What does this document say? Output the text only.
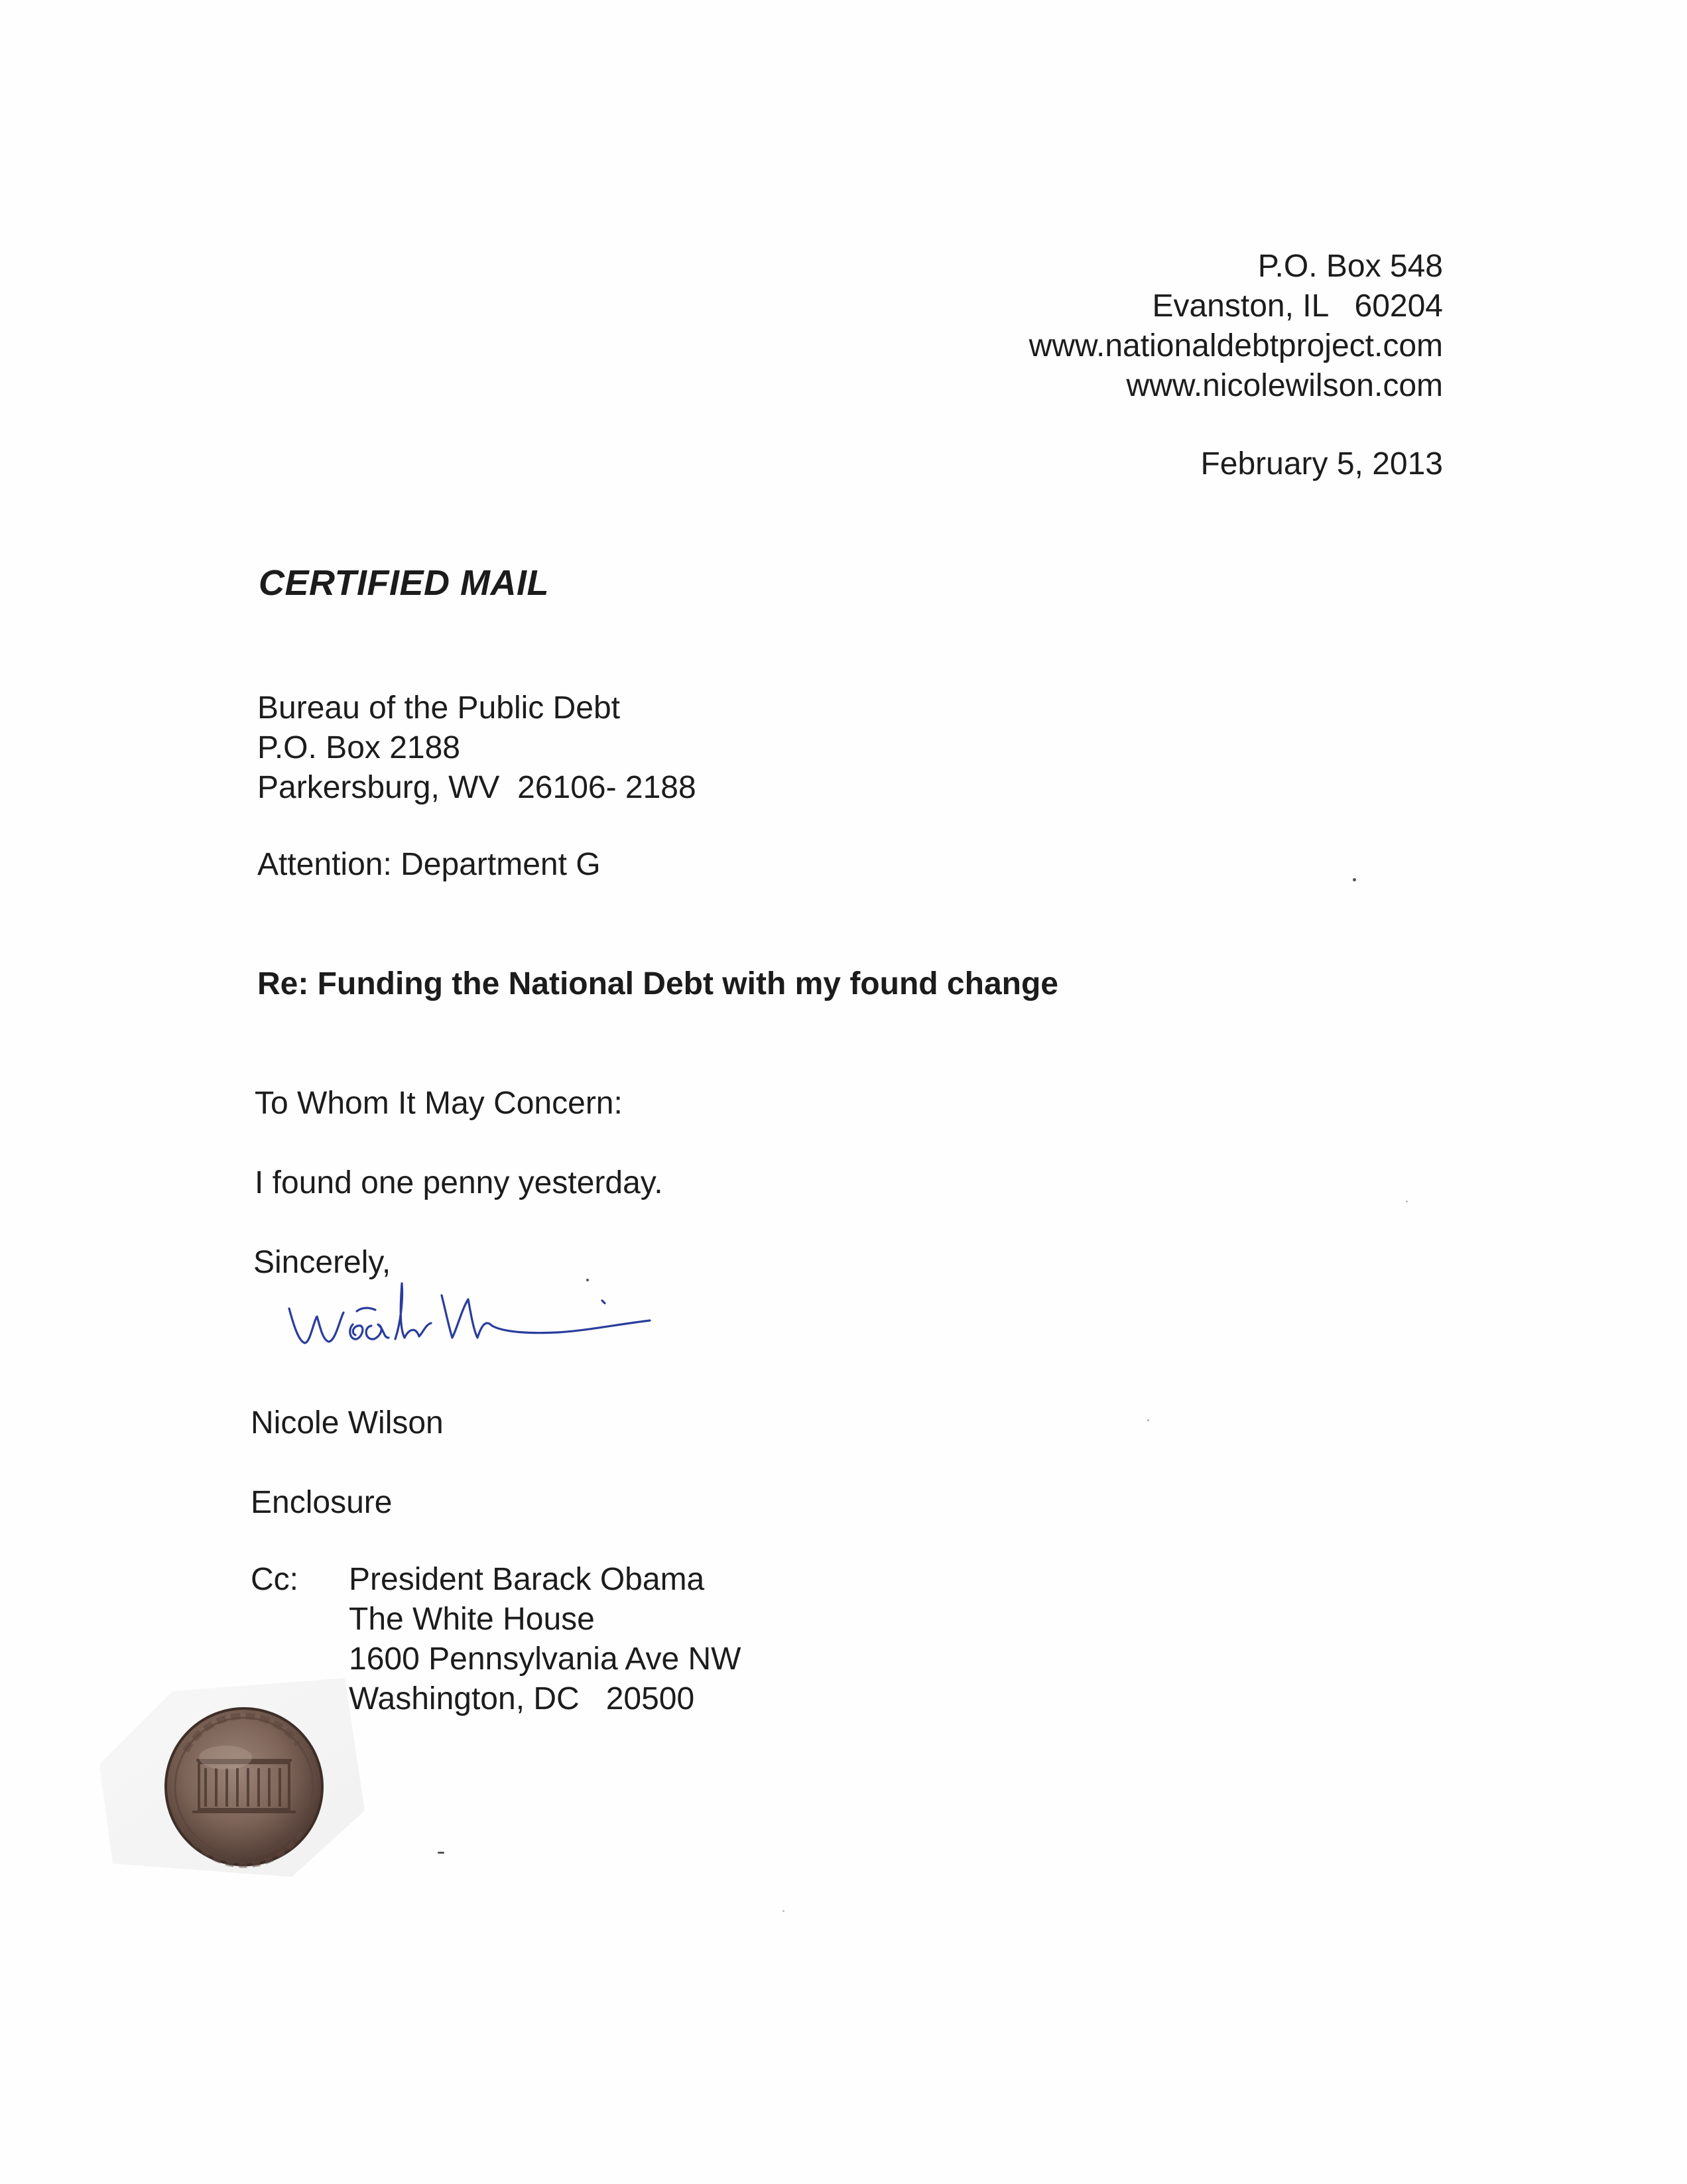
P.O. Box 548
Evanston, IL   60204
www.nationaldebtproject.com
www.nicolewilson.com
February 5, 2013
CERTIFIED MAIL
Bureau of the Public Debt
P.O. Box 2188
Parkersburg, WV  26106- 2188
Attention: Department G
Re: Funding the National Debt with my found change
To Whom It May Concern:
I found one penny yesterday.
Sincerely,
Nicole Wilson
Enclosure
Cc: President Barack Obama
The White House
1600 Pennsylvania Ave NW
Washington, DC   20500
